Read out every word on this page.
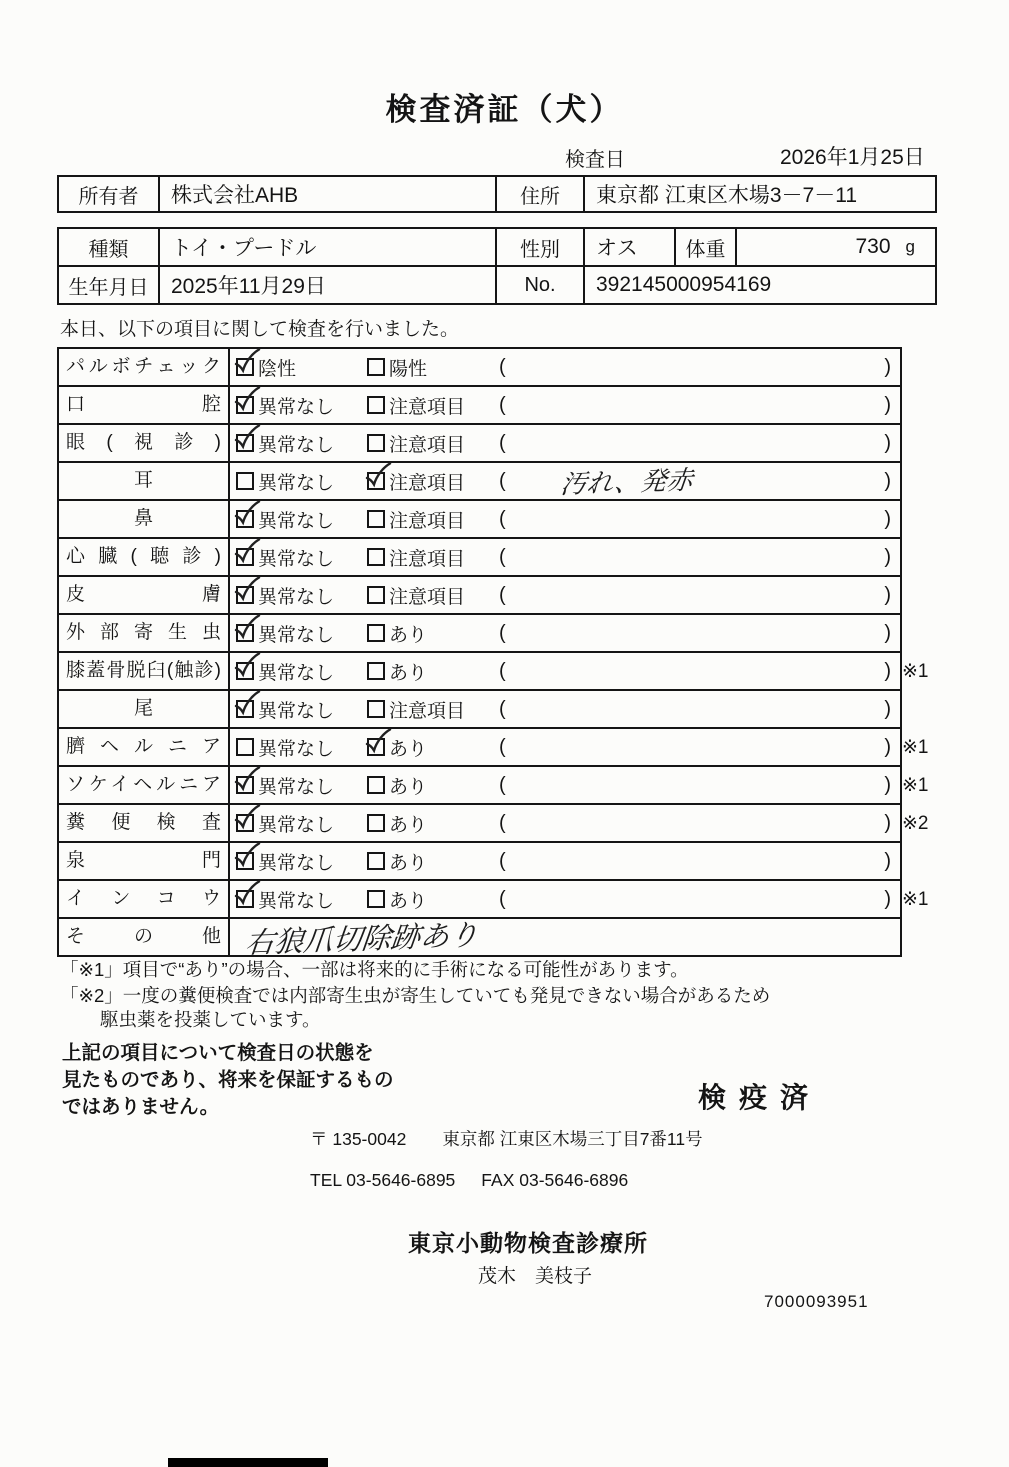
検査済証（犬）
検査日	2026年1月25日
所有者	株式会社AHB	住所	東京都 江東区木場3－7－11
種類	トイ・プードル	性別	オス	体重	730 g
生年月日	2025年11月29日	No.	392145000954169
本日、以下の項目に関して検査を行いました。
パルボチェック	陰性	陽性	(	)
口腔	異常なし	注意項目 (	)
眼(視診)	異常なし	注意項目 (	)
耳	異常なし	注意項目 ( 汚れ、発赤	)
鼻	異常なし	注意項目 (	)
心臓(聴診)	異常なし	注意項目 (	)
皮膚	異常なし	注意項目 (	)
外部寄生虫	異常なし	あり	(	)
膝蓋骨脱臼(触診)	異常なし	あり	(	) ※1
尾	異常なし	注意項目 (	)
臍ヘルニア	異常なし	あり	(	) ※1
ソケイヘルニア	異常なし	あり	(	) ※1
糞便検査	異常なし	あり	(	) ※2
泉門	異常なし	あり	(	)
インコウ	異常なし	あり	(	) ※1
その他 右狼爪切除跡あり
「※1」項目で“あり”の場合、一部は将来的に手術になる可能性があります。
「※2」一度の糞便検査では内部寄生虫が寄生していても発見できない場合があるため
駆虫薬を投薬しています。
上記の項目について検査日の状態を
見たものであり、将来を保証するもの
ではありません。	検疫済
〒 135-0042 東京都 江東区木場三丁目7番11号
TEL 03-5646-6895 FAX 03-5646-6896
東京小動物検査診療所
茂木　美枝子
7000093951
